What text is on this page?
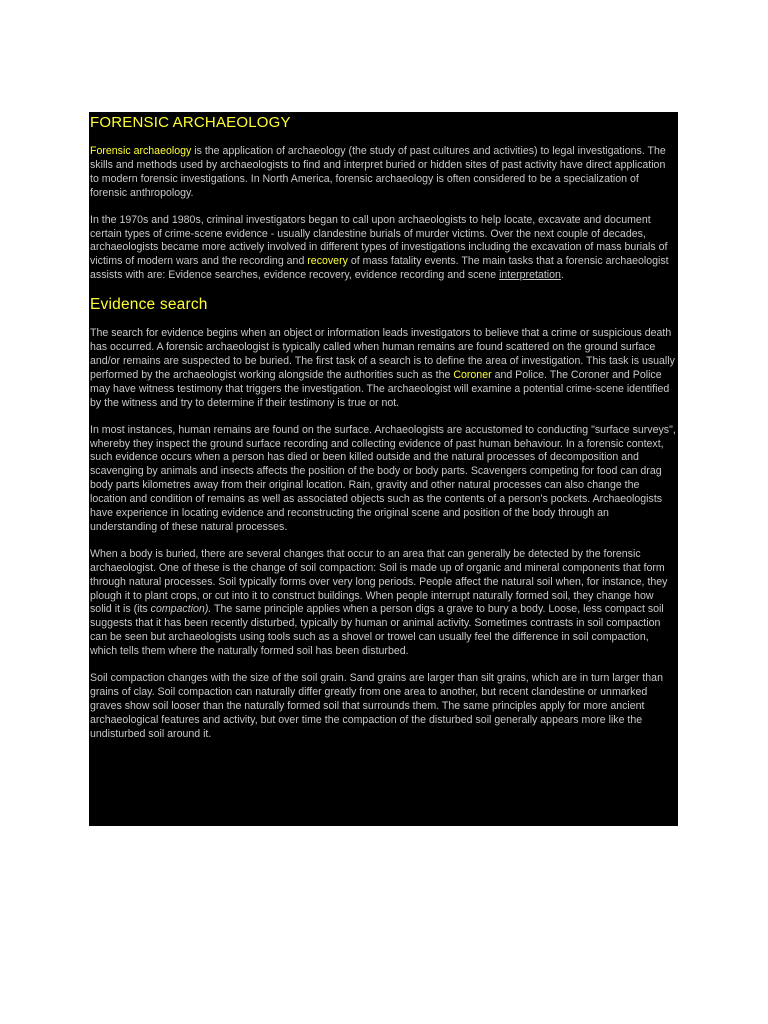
FORENSIC ARCHAEOLOGY

Forensic archaeology is the application of archaeology (the study of past cultures and activities) to legal investigations. The skills and methods used by archaeologists to find and interpret buried or hidden sites of past activity have direct application to modern forensic investigations. In North America, forensic archaeology is often considered to be a specialization of forensic anthropology.

In the 1970s and 1980s, criminal investigators began to call upon archaeologists to help locate, excavate and document certain types of crime-scene evidence - usually clandestine burials of murder victims. Over the next couple of decades, archaeologists became more actively involved in different types of investigations including the excavation of mass burials of victims of modern wars and the recording and recovery of mass fatality events. The main tasks that a forensic archaeologist assists with are: Evidence searches, evidence recovery, evidence recording and scene interpretation.

Evidence search

The search for evidence begins when an object or information leads investigators to believe that a crime or suspicious death has occurred. A forensic archaeologist is typically called when human remains are found scattered on the ground surface and/or remains are suspected to be buried. The first task of a search is to define the area of investigation. This task is usually performed by the archaeologist working alongside the authorities such as the Coroner and Police. The Coroner and Police may have witness testimony that triggers the investigation. The archaeologist will examine a potential crime-scene identified by the witness and try to determine if their testimony is true or not.

In most instances, human remains are found on the surface. Archaeologists are accustomed to conducting "surface surveys", whereby they inspect the ground surface recording and collecting evidence of past human behaviour. In a forensic context, such evidence occurs when a person has died or been killed outside and the natural processes of decomposition and scavenging by animals and insects affects the position of the body or body parts. Scavengers competing for food can drag body parts kilometres away from their original location. Rain, gravity and other natural processes can also change the location and condition of remains as well as associated objects such as the contents of a person's pockets. Archaeologists have experience in locating evidence and reconstructing the original scene and position of the body through an understanding of these natural processes.

When a body is buried, there are several changes that occur to an area that can generally be detected by the forensic archaeologist. One of these is the change of soil compaction: Soil is made up of organic and mineral components that form through natural processes. Soil typically forms over very long periods. People affect the natural soil when, for instance, they plough it to plant crops, or cut into it to construct buildings. When people interrupt naturally formed soil, they change how solid it is (its compaction). The same principle applies when a person digs a grave to bury a body. Loose, less compact soil suggests that it has been recently disturbed, typically by human or animal activity. Sometimes contrasts in soil compaction can be seen but archaeologists using tools such as a shovel or trowel can usually feel the difference in soil compaction, which tells them where the naturally formed soil has been disturbed.

Soil compaction changes with the size of the soil grain. Sand grains are larger than silt grains, which are in turn larger than grains of clay. Soil compaction can naturally differ greatly from one area to another, but recent clandestine or unmarked graves show soil looser than the naturally formed soil that surrounds them. The same principles apply for more ancient archaeological features and activity, but over time the compaction of the disturbed soil generally appears more like the undisturbed soil around it.
